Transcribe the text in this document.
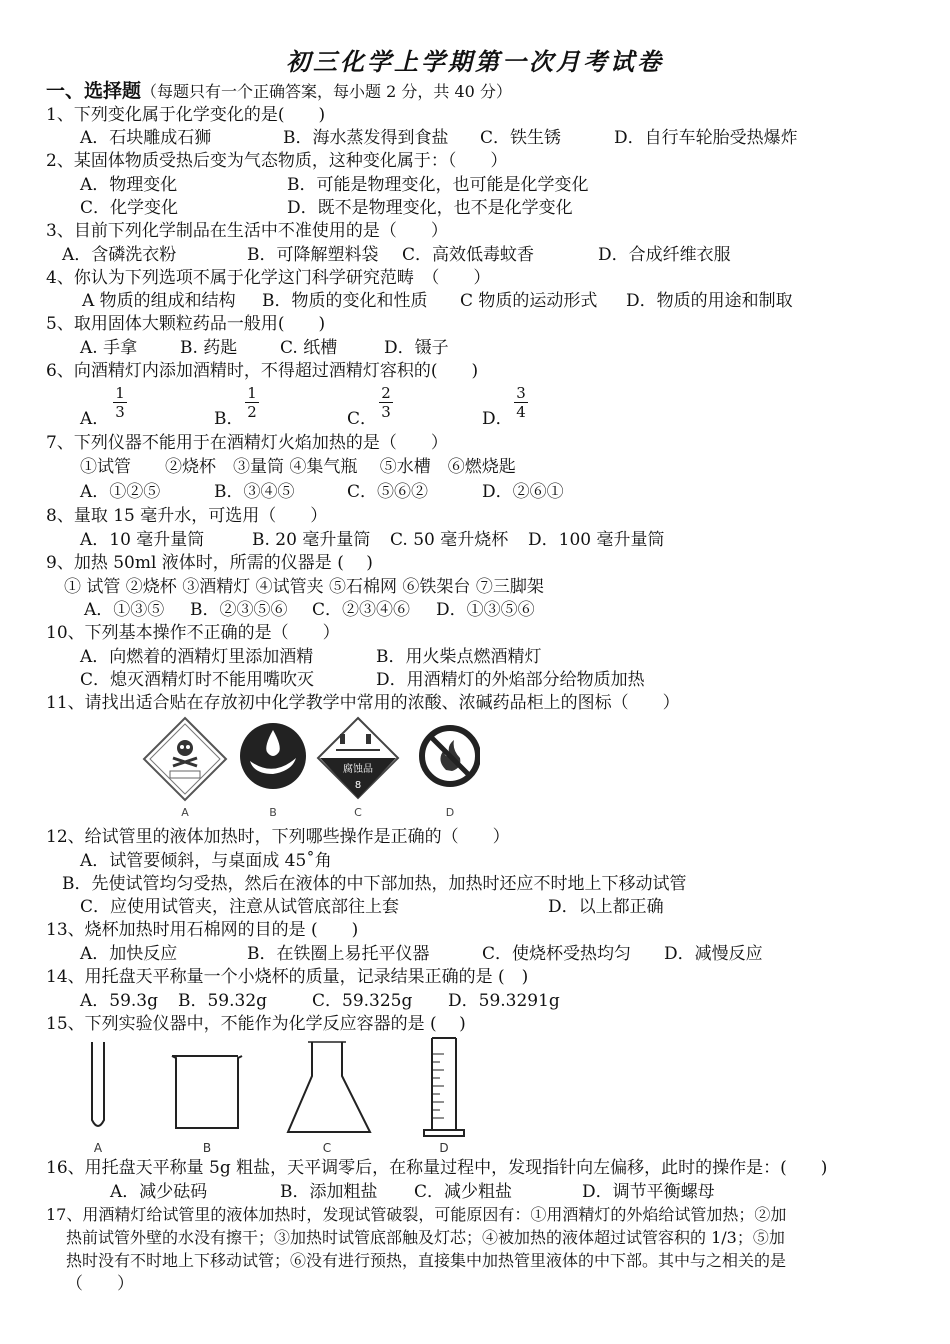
初三化学上学期第一次月考试卷
一、选择题（每题只有一个正确答案，每小题 2 分，共 40 分）
1、下列变化属于化学变化的是(　　)
A．石块雕成石狮	B．海水蒸发得到食盐 C．铁生锈	D．自行车轮胎受热爆炸
2、某固体物质受热后变为气态物质，这种变化属于：（　　）
A．物理变化	B．可能是物理变化，也可能是化学变化
C．化学变化	D．既不是物理变化，也不是化学变化
3、目前下列化学制品在生活中不准使用的是（　　）
A．含磷洗衣粉	B．可降解塑料袋 C．高效低毒蚊香	D．合成纤维衣服
4、你认为下列选项不属于化学这门科学研究范畴　（　　）
A 物质的组成和结构 B．物质的变化和性质 C 物质的运动形式 D．物质的用途和制取
5、取用固体大颗粒药品一般用(　　)
A. 手拿	B. 药匙	C. 纸槽	D．镊子
6、向酒精灯内添加酒精时，不得超过酒精灯容积的(　　)
A．
1
3	B．
1
2	C．
2
3	D．
3
4
7、下列仪器不能用于在酒精灯火焰加热的是（　　）
①试管　　②烧杯　③量筒 ④集气瓶　 ⑤水槽　⑥燃烧匙
A．①②⑤	B．③④⑤	C．⑤⑥②	D．②⑥①
8、量取 15 毫升水，可选用（　　）
A．10 毫升量筒	B. 20 毫升量筒 C. 50 毫升烧杯 D．100 毫升量筒
9、加热 50ml 液体时，所需的仪器是 (　 )
① 试管 ②烧杯 ③酒精灯 ④试管夹 ⑤石棉网 ⑥铁架台 ⑦三脚架
A．①③⑤ B．②③⑤⑥ C．②③④⑥ D．①③⑤⑥
10、下列基本操作不正确的是（　　）
A．向燃着的酒精灯里添加酒精	B．用火柴点燃酒精灯
C．熄灭酒精灯时不能用嘴吹灭	D．用酒精灯的外焰部分给物质加热
11、请找出适合贴在存放初中化学教学中常用的浓酸、浓碱药品柜上的图标（　　）
腐蚀品
8
A	B	C	D
12、给试管里的液体加热时，下列哪些操作是正确的（　　）
A．试管要倾斜，与桌面成 45˚角
B．先使试管均匀受热，然后在液体的中下部加热，加热时还应不时地上下移动试管
C．应使用试管夹，注意从试管底部往上套	D．以上都正确
13、烧杯加热时用石棉网的目的是 (　　)
A．加快反应	B．在铁圈上易托平仪器	C．使烧杯受热均匀 D．减慢反应
14、用托盘天平称量一个小烧杯的质量，记录结果正确的是 (　)
A．59.3g B．59.32g	C．59.325g D．59.3291g
15、下列实验仪器中，不能作为化学反应容器的是 (　 )
A	B	C	D
16、用托盘天平称量 5g 粗盐，天平调零后，在称量过程中，发现指针向左偏移，此时的操作是：(　　)
A．减少砝码	B．添加粗盐 C．减少粗盐	D．调节平衡螺母
17、用酒精灯给试管里的液体加热时，发现试管破裂，可能原因有：①用酒精灯的外焰给试管加热；②加
热前试管外壁的水没有擦干；③加热时试管底部触及灯芯；④被加热的液体超过试管容积的 1/3；⑤加
热时没有不时地上下移动试管；⑥没有进行预热，直接集中加热管里液体的中下部。其中与之相关的是
（　　）
